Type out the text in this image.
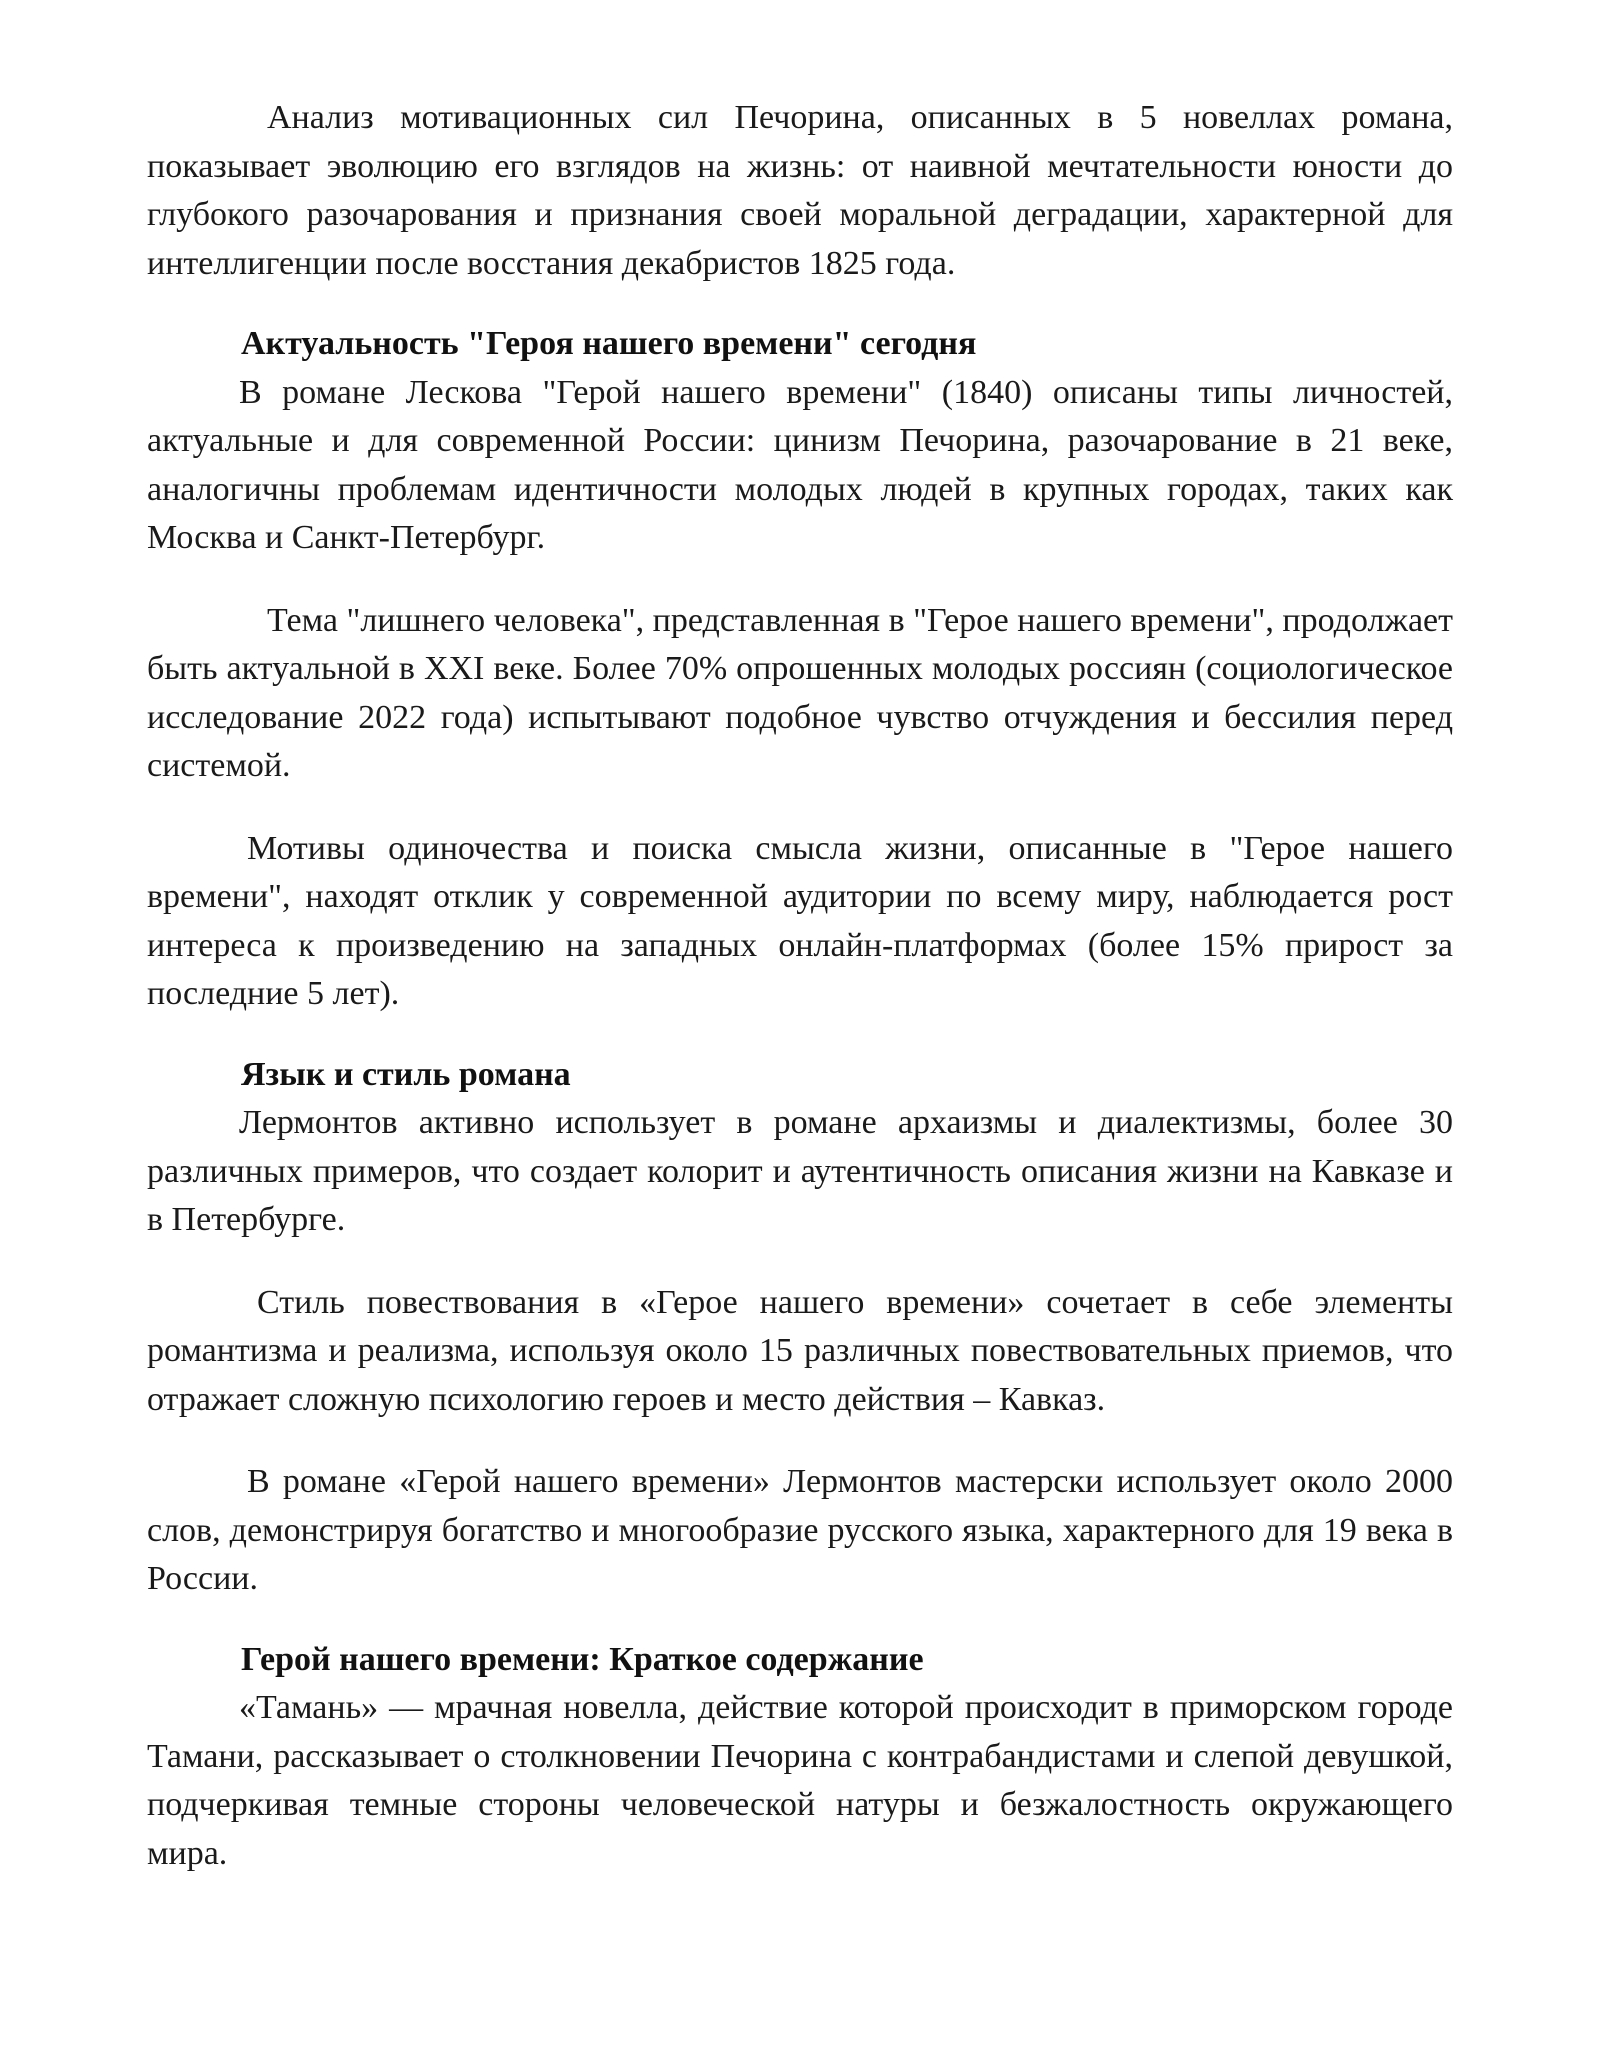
Анализ мотивационных сил Печорина, описанных в 5 новеллах романа, показывает эволюцию его взглядов на жизнь: от наивной мечтательности юности до глубокого разочарования и признания своей моральной деградации, характерной для интеллигенции после восстания декабристов 1825 года.

Актуальность "Героя нашего времени" сегодня

В романе Лескова "Герой нашего времени" (1840) описаны типы личностей, актуальные и для современной России: цинизм Печорина, разочарование в 21 веке, аналогичны проблемам идентичности молодых людей в крупных городах, таких как Москва и Санкт-Петербург.

Тема "лишнего человека", представленная в "Герое нашего времени", продолжает быть актуальной в XXI веке. Более 70% опрошенных молодых россиян (социологическое исследование 2022 года) испытывают подобное чувство отчуждения и бессилия перед системой.

Мотивы одиночества и поиска смысла жизни, описанные в "Герое нашего времени", находят отклик у современной аудитории по всему миру, наблюдается рост интереса к произведению на западных онлайн-платформах (более 15% прирост за последние 5 лет).

Язык и стиль романа

Лермонтов активно использует в романе архаизмы и диалектизмы, более 30 различных примеров, что создает колорит и аутентичность описания жизни на Кавказе и в Петербурге.

Стиль повествования в «Герое нашего времени» сочетает в себе элементы романтизма и реализма, используя около 15 различных повествовательных приемов, что отражает сложную психологию героев и место действия – Кавказ.

В романе «Герой нашего времени» Лермонтов мастерски использует около 2000 слов, демонстрируя богатство и многообразие русского языка, характерного для 19 века в России.

Герой нашего времени: Краткое содержание

«Тамань» — мрачная новелла, действие которой происходит в приморском городе Тамани, рассказывает о столкновении Печорина с контрабандистами и слепой девушкой, подчеркивая темные стороны человеческой натуры и безжалостность окружающего мира.
